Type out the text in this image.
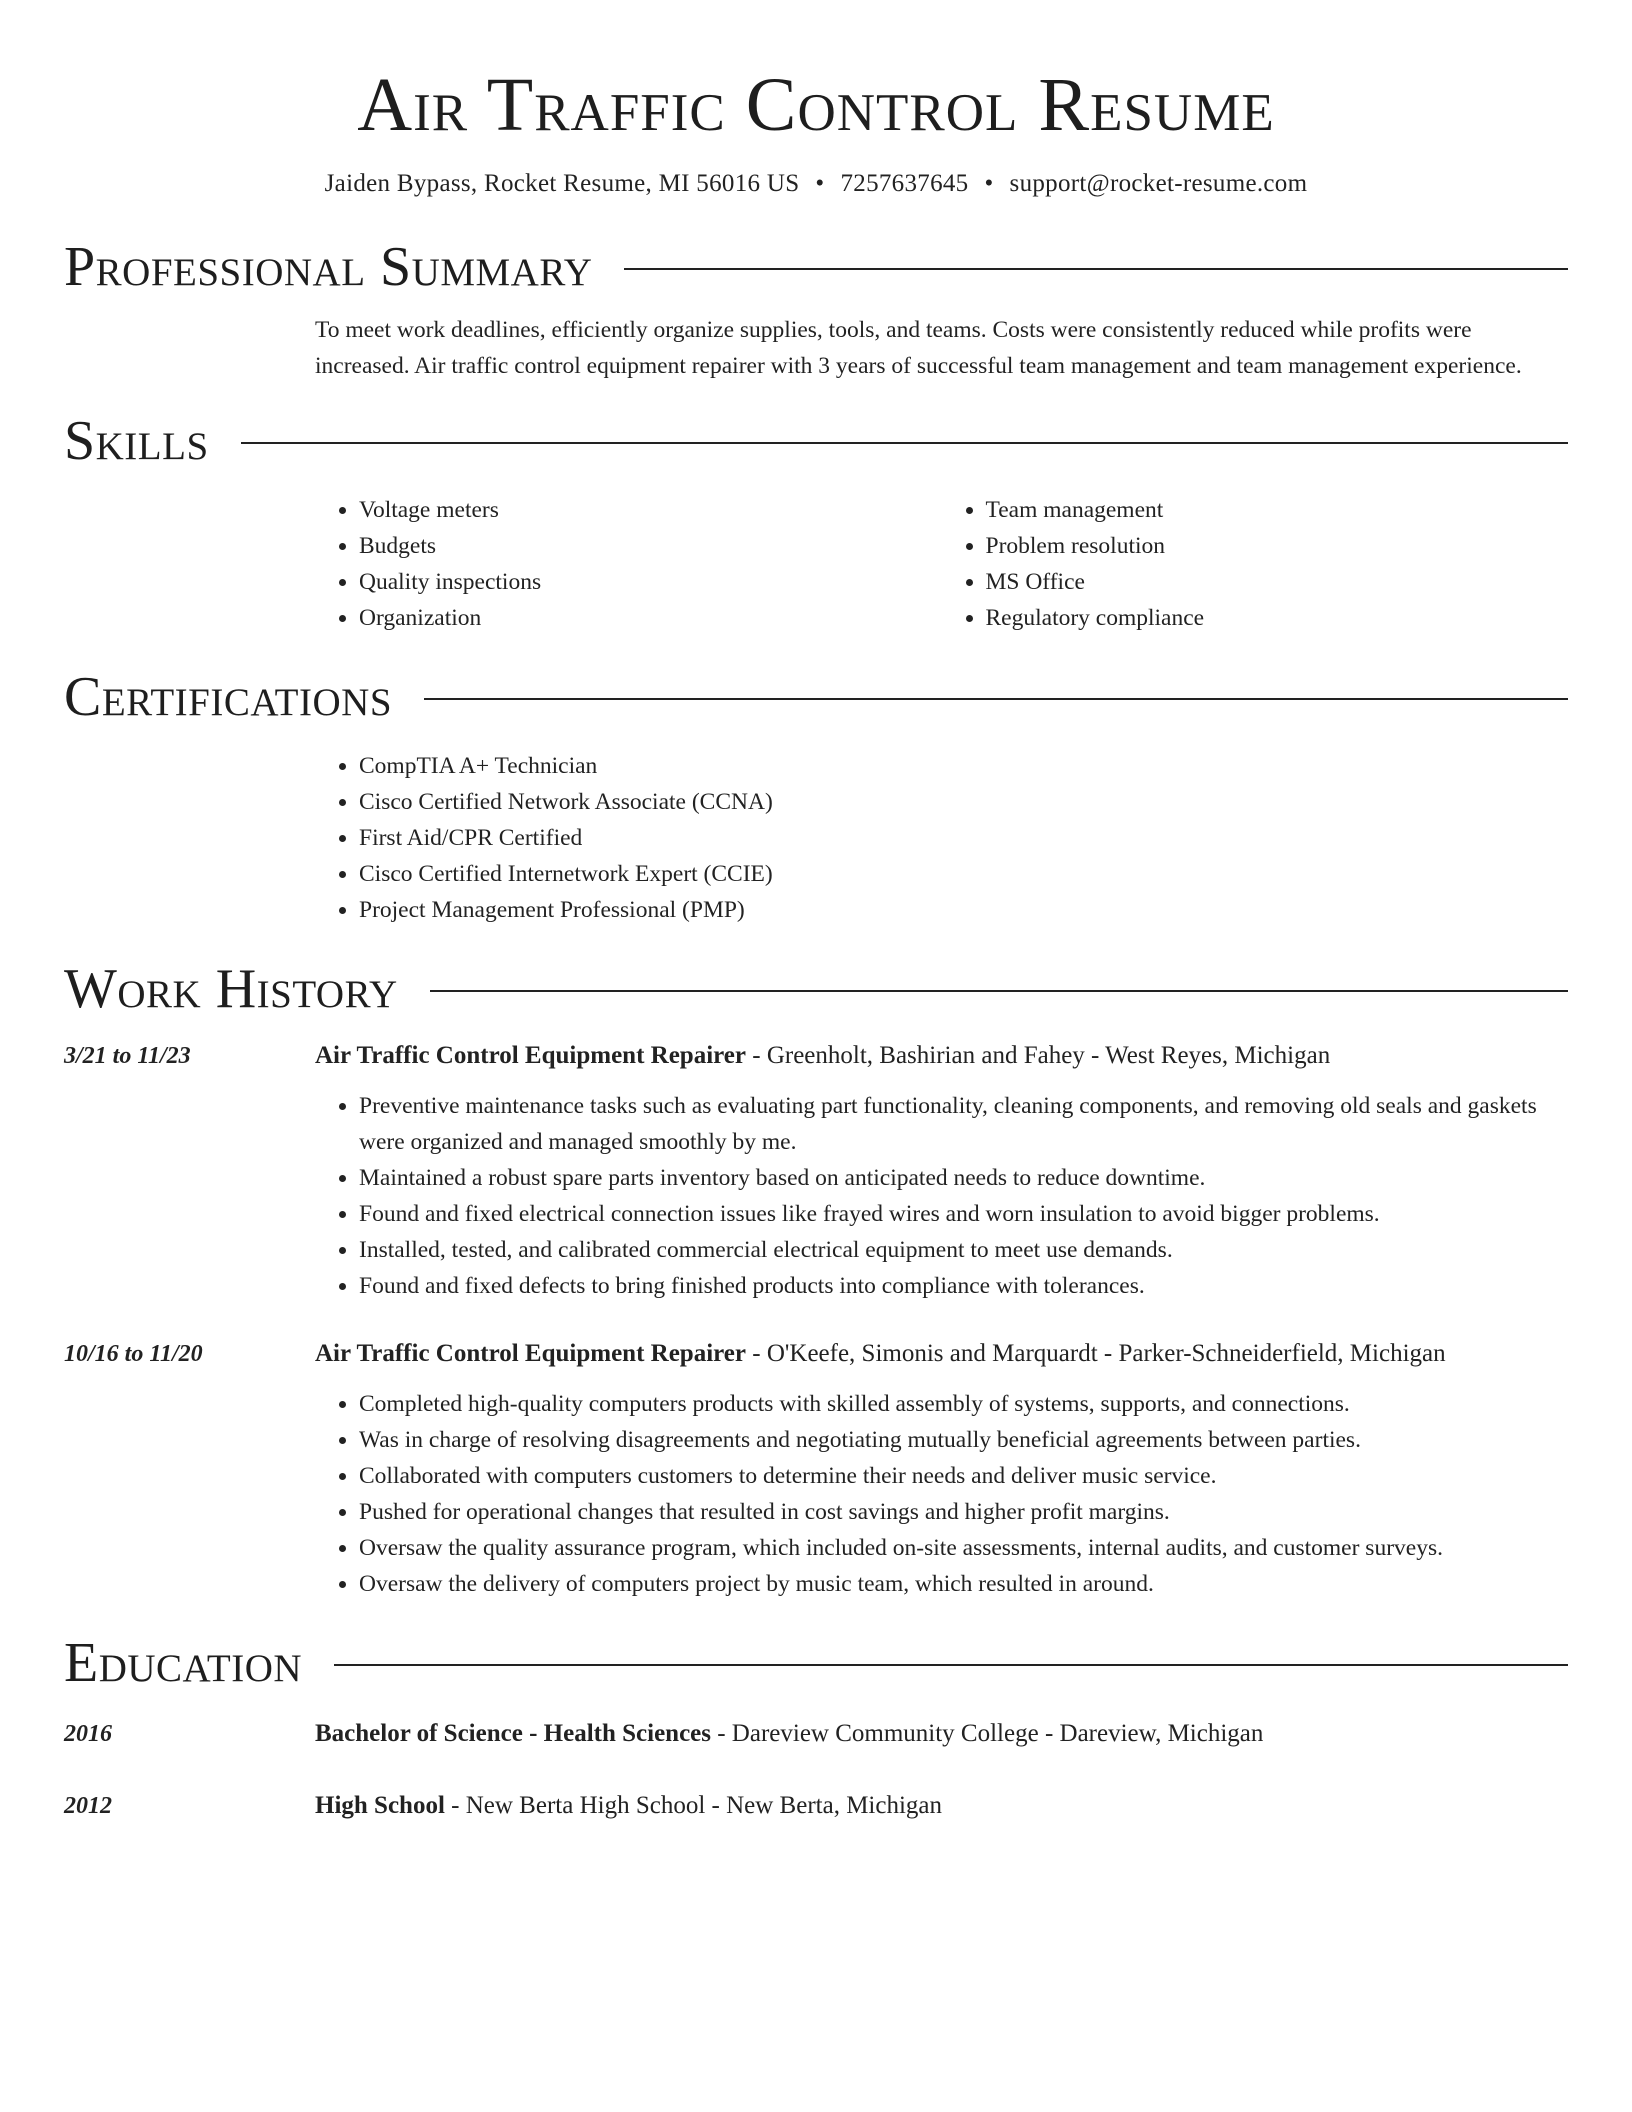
Air Traffic Control Resume
Jaiden Bypass, Rocket Resume, MI 56016 US • 7257637645 • support@rocket-resume.com
Professional Summary
To meet work deadlines, efficiently organize supplies, tools, and teams. Costs were consistently reduced while profits were increased. Air traffic control equipment repairer with 3 years of successful team management and team management experience.
Skills
• Voltage meters
• Budgets
• Quality inspections
• Organization
• Team management
• Problem resolution
• MS Office
• Regulatory compliance
Certifications
• CompTIA A+ Technician
• Cisco Certified Network Associate (CCNA)
• First Aid/CPR Certified
• Cisco Certified Internetwork Expert (CCIE)
• Project Management Professional (PMP)
Work History
3/21 to 11/23	Air Traffic Control Equipment Repairer - Greenholt, Bashirian and Fahey - West Reyes, Michigan
• Preventive maintenance tasks such as evaluating part functionality, cleaning components, and removing old seals and gaskets were organized and managed smoothly by me.
• Maintained a robust spare parts inventory based on anticipated needs to reduce downtime.
• Found and fixed electrical connection issues like frayed wires and worn insulation to avoid bigger problems.
• Installed, tested, and calibrated commercial electrical equipment to meet use demands.
• Found and fixed defects to bring finished products into compliance with tolerances.
10/16 to 11/20	Air Traffic Control Equipment Repairer - O'Keefe, Simonis and Marquardt - Parker-Schneiderfield, Michigan
• Completed high-quality computers products with skilled assembly of systems, supports, and connections.
• Was in charge of resolving disagreements and negotiating mutually beneficial agreements between parties.
• Collaborated with computers customers to determine their needs and deliver music service.
• Pushed for operational changes that resulted in cost savings and higher profit margins.
• Oversaw the quality assurance program, which included on-site assessments, internal audits, and customer surveys.
• Oversaw the delivery of computers project by music team, which resulted in around.
Education
2016	Bachelor of Science - Health Sciences - Dareview Community College - Dareview, Michigan
2012	High School - New Berta High School - New Berta, Michigan
